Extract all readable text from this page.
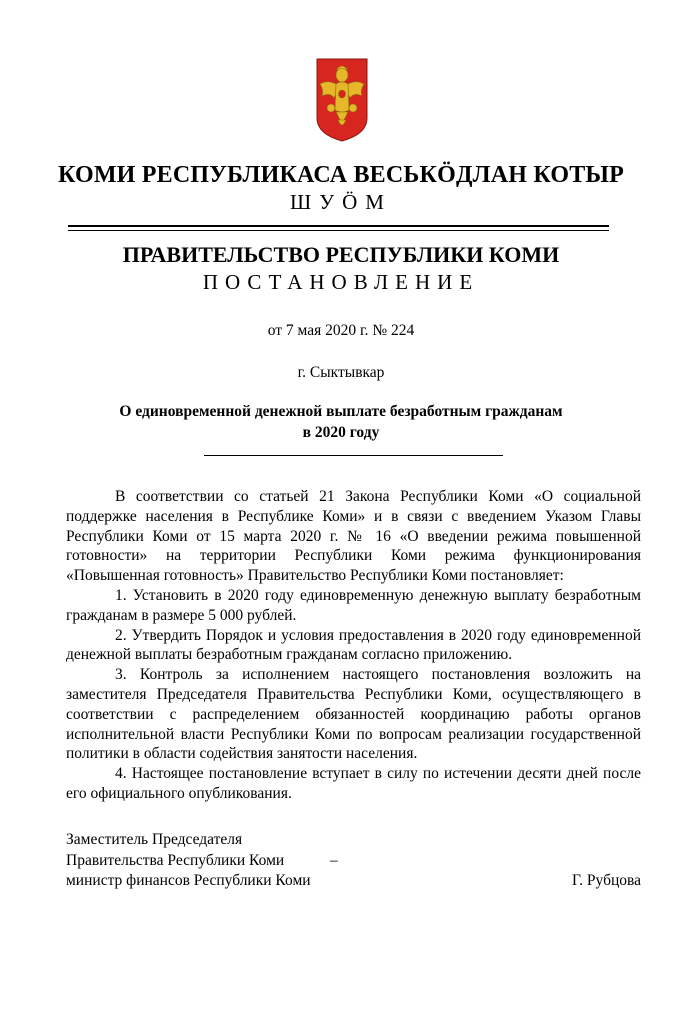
КОМИ РЕСПУБЛИКАСА ВЕСЬКÖДЛАН КОТЫР
ШУÖМ
ПРАВИТЕЛЬСТВО РЕСПУБЛИКИ КОМИ
ПОСТАНОВЛЕНИЕ
от 7 мая 2020 г. № 224
г. Сыктывкар
О единовременной денежной выплате безработным гражданам
в 2020 году

В соответствии со статьей 21 Закона Республики Коми «О социальной поддержке населения в Республике Коми» и в связи с введением Указом Главы Республики Коми от 15 марта 2020 г. № 16 «О введении режима повышенной готовности» на территории Республики Коми режима функционирования «Повышенная готовность» Правительство Республики Коми постановляет:

1. Установить в 2020 году единовременную денежную выплату безработным гражданам в размере 5 000 рублей.

2. Утвердить Порядок и условия предоставления в 2020 году единовременной денежной выплаты безработным гражданам согласно приложению.

3. Контроль за исполнением настоящего постановления возложить на заместителя Председателя Правительства Республики Коми, осуществляющего в соответствии с распределением обязанностей координацию работы органов исполнительной власти Республики Коми по вопросам реализации государственной политики в области содействия занятости населения.

4. Настоящее постановление вступает в силу по истечении десяти дней после его официального опубликования.

Заместитель Председателя
Правительства Республики Коми	–
министр финансов Республики Коми	Г. Рубцова
